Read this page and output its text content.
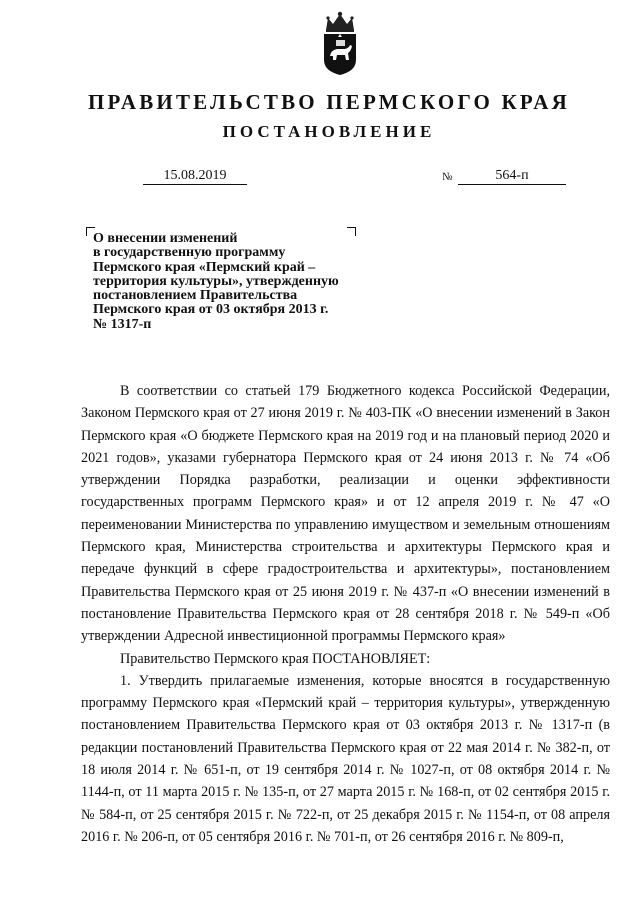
ПРАВИТЕЛЬСТВО ПЕРМСКОГО КРАЯ
ПОСТАНОВЛЕНИЕ
15.08.2019	№	564-п
О внесении изменений
в государственную программу
Пермского края «Пермский край –
территория культуры», утвержденную
постановлением Правительства
Пермского края от 03 октября 2013 г.
№ 1317-п

В соответствии со статьей 179 Бюджетного кодекса Российской Федерации, Законом Пермского края от 27 июня 2019 г. № 403-ПК «О внесении изменений в Закон Пермского края «О бюджете Пермского края на 2019 год и на плановый период 2020 и 2021 годов», указами губернатора Пермского края от 24 июня 2013 г. № 74 «Об утверждении Порядка разработки, реализации и оценки эффективности государственных программ Пермского края» и от 12 апреля 2019 г. № 47 «О переименовании Министерства по управлению имуществом и земельным отношениям Пермского края, Министерства строительства и архитектуры Пермского края и передаче функций в сфере градостроительства и архитектуры», постановлением Правительства Пермского края от 25 июня 2019 г. № 437-п «О внесении изменений в постановление Правительства Пермского края от 28 сентября 2018 г. № 549-п «Об утверждении Адресной инвестиционной программы Пермского края»

Правительство Пермского края ПОСТАНОВЛЯЕТ:

1. Утвердить прилагаемые изменения, которые вносятся в государственную программу Пермского края «Пермский край – территория культуры», утвержденную постановлением Правительства Пермского края от 03 октября 2013 г. № 1317-п (в редакции постановлений Правительства Пермского края от 22 мая 2014 г. № 382-п, от 18 июля 2014 г. № 651-п, от 19 сентября 2014 г. № 1027-п, от 08 октября 2014 г. № 1144-п, от 11 марта 2015 г. № 135-п, от 27 марта 2015 г. № 168-п, от 02 сентября 2015 г. № 584-п, от 25 сентября 2015 г. № 722-п, от 25 декабря 2015 г. № 1154-п, от 08 апреля 2016 г. № 206-п, от 05 сентября 2016 г. № 701-п, от 26 сентября 2016 г. № 809-п,
